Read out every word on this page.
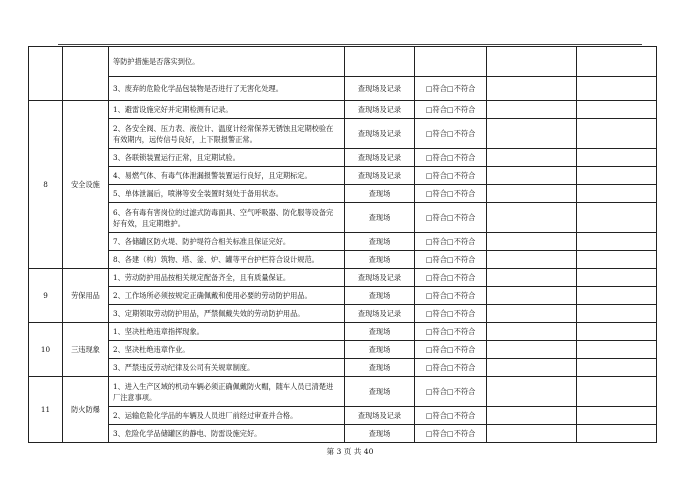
		等防护措施是否落实到位。				
		3、废弃的危险化学品包装物是否进行了无害化处理。	查现场及记录	□符合□不符合		
8	安全设施	1、避雷设施完好并定期检测有记录。	查现场及记录	□符合□不符合		
		2、各安全阀、压力表、液位计、温度计经常保养无锈蚀且定期校验在有效期内，远传信号良好，上下限报警正常。	查现场及记录	□符合□不符合		
		3、各联锁装置运行正常，且定期试验。	查现场及记录	□符合□不符合		
		4、易燃气体、有毒气体泄漏报警装置运行良好，且定期标定。	查现场及记录	□符合□不符合		
		5、单体泄漏后，喷淋等安全装置时刻处于备用状态。	查现场	□符合□不符合		
		6、各有毒有害岗位的过滤式防毒面具、空气呼吸器、防化服等设备完好有效，且定期维护。	查现场	□符合□不符合		
		7、各储罐区防火堤、防护堤符合相关标准且保证完好。	查现场	□符合□不符合		
		8、各建（构）筑物、塔、釜、炉、罐等平台护栏符合设计规范。	查现场	□符合□不符合		
9	劳保用品	1、劳动防护用品按相关规定配备齐全，且有质量保证。	查现场及记录	□符合□不符合		
		2、工作场所必须按规定正确佩戴和使用必要的劳动防护用品。	查现场	□符合□不符合		
		3、定期领取劳动防护用品，严禁佩戴失效的劳动防护用品。	查现场及记录	□符合□不符合		
10	三违现象	1、坚决杜绝违章指挥现象。	查现场	□符合□不符合		
		2、坚决杜绝违章作业。	查现场	□符合□不符合		
		3、严禁违反劳动纪律及公司有关规章制度。	查现场	□符合□不符合		
11	防火防爆	1、进入生产区域的机动车辆必须正确佩戴防火帽，随车人员已清楚进厂注意事项。	查现场	□符合□不符合		
		2、运输危险化学品的车辆及人员进厂前经过审查并合格。	查现场及记录	□符合□不符合		
		3、危险化学品储罐区的静电、防雷设施完好。	查现场	□符合□不符合		
第 3 页 共 40
